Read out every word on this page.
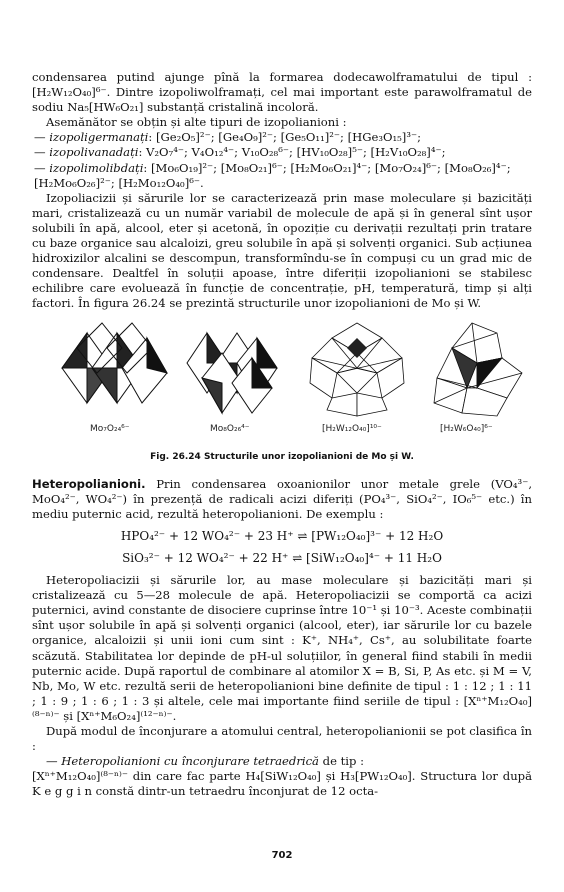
condensarea putind ajunge pînă la formarea dodecawolframatului de tipul : [H₂W₁₂O₄₀]⁶⁻. Dintre izopoliwolframați, cel mai important este parawolframatul de sodiu Na₅[HW₆O₂₁] substanță cristalină incoloră.

Asemănător se obțin și alte tipuri de izopolianioni :

— izopoligermanați: [Ge₂O₅]²⁻; [Ge₄O₉]²⁻; [Ge₅O₁₁]²⁻; [HGe₃O₁₅]³⁻;
— izopolivanadați: V₂O₇⁴⁻; V₄O₁₂⁴⁻; V₁₀O₂₈⁶⁻; [HV₁₀O₂₈]⁵⁻; [H₂V₁₀O₂₈]⁴⁻;
— izopolimolibdați: [Mo₆O₁₉]²⁻; [Mo₈O₂₁]⁶⁻; [H₂Mo₆O₂₁]⁴⁻; [Mo₇O₂₄]⁶⁻; [Mo₈O₂₆]⁴⁻; [H₂Mo₆O₂₆]²⁻; [H₂Mo₁₂O₄₀]⁶⁻.

Izopoliacizii și sărurile lor se caracterizează prin mase moleculare și bazicități mari, cristalizează cu un număr variabil de molecule de apă și în general sînt ușor solubili în apă, alcool, eter și acetonă, în opoziție cu derivații rezultați prin tratare cu baze organice sau alcaloizi, greu solubile în apă și solvenți organici. Sub acțiunea hidroxizilor alcalini se descompun, transformîndu-se în compuși cu un grad mic de condensare. Dealtfel în soluții apoase, între diferiții izopolianioni se stabilesc echilibre care evoluează în funcție de concentrație, pH, temperatură, timp și alți factori. În figura 26.24 se prezintă structurile unor izopolianioni de Mo și W.

Mo₇O₂₄⁶⁻	Mo₈O₂₆⁴⁻	[H₂W₁₂O₄₀]¹⁰⁻	[H₂W₆O₄₀]⁶⁻
Fig. 26.24 Structurile unor izopolianioni de Mo și W.

Heteropolianioni. Prin condensarea oxoanionilor unor metale grele (VO₄³⁻, MoO₄²⁻, WO₄²⁻) în prezență de radicali acizi diferiți (PO₄³⁻, SiO₄²⁻, IO₆⁵⁻ etc.) în mediu puternic acid, rezultă heteropolianioni. De exemplu :

HPO₄²⁻ + 12 WO₄²⁻ + 23 H⁺ ⇌ [PW₁₂O₄₀]³⁻ + 12 H₂O
SiO₃²⁻ + 12 WO₄²⁻ + 22 H⁺ ⇌ [SiW₁₂O₄₀]⁴⁻ + 11 H₂O

Heteropoliacizii și sărurile lor, au mase moleculare și bazicități mari și cristalizează cu 5—28 molecule de apă. Heteropoliacizii se comportă ca acizi puternici, avind constante de disociere cuprinse între 10⁻¹ și 10⁻³. Aceste combinații sînt ușor solubile în apă și solvenți organici (alcool, eter), iar sărurile lor cu bazele organice, alcaloizii și unii ioni cum sint : K⁺, NH₄⁺, Cs⁺, au solubilitate foarte scăzută. Stabilitatea lor depinde de pH-ul soluțiilor, în general fiind stabili în medii puternic acide. După raportul de combinare al atomilor X = B, Si, P, As etc. și M = V, Nb, Mo, W etc. rezultă serii de heteropolianioni bine definite de tipul : 1 : 12 ; 1 : 11 ; 1 : 9 ; 1 : 6 ; 1 : 3 și altele, cele mai importante fiind seriile de tipul : [Xⁿ⁺M₁₂O₄₀]⁽⁸⁻ⁿ⁾⁻ și [Xⁿ⁺M₆O₂₄]⁽¹²⁻ⁿ⁾⁻.

După modul de înconjurare a atomului central, heteropolianionii se pot clasifica în :

— Heteropolianioni cu înconjurare tetraedrică de tip :

[Xⁿ⁺M₁₂O₄₀]⁽⁸⁻ⁿ⁾⁻ din care fac parte H₄[SiW₁₂O₄₀] și H₃[PW₁₂O₄₀]. Structura lor după K e g g i n constă dintr-un tetraedru înconjurat de 12 octa-

702
